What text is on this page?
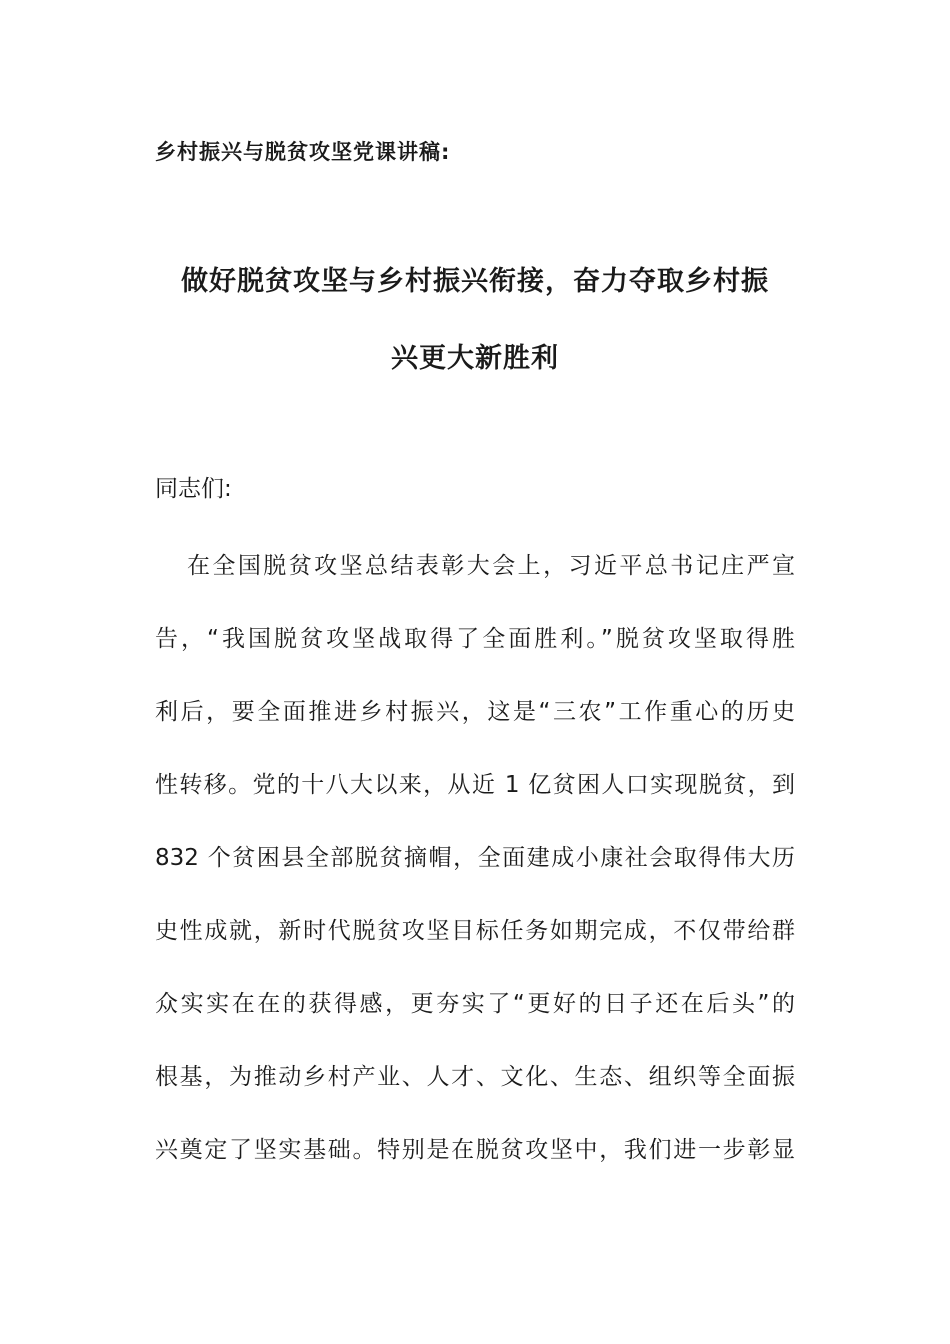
乡村振兴与脱贫攻坚党课讲稿:
做好脱贫攻坚与乡村振兴衔接，奋力夺取乡村振
兴更大新胜利
同志们:
在全国脱贫攻坚总结表彰大会上，习近平总书记庄严宣
告，“我国脱贫攻坚战取得了全面胜利。”脱贫攻坚取得胜
利后，要全面推进乡村振兴，这是“三农”工作重心的历史
性转移。党的十八大以来，从近 1 亿贫困人口实现脱贫，到
832 个贫困县全部脱贫摘帽，全面建成小康社会取得伟大历
史性成就，新时代脱贫攻坚目标任务如期完成，不仅带给群
众实实在在的获得感，更夯实了“更好的日子还在后头”的
根基，为推动乡村产业、人才、文化、生态、组织等全面振
兴奠定了坚实基础。特别是在脱贫攻坚中，我们进一步彰显
